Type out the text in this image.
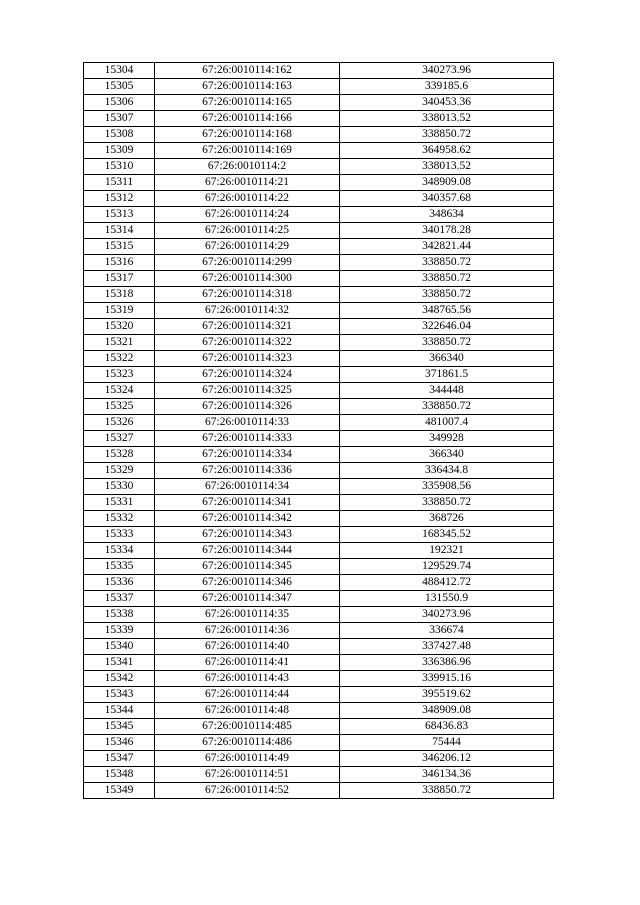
15304	67:26:0010114:162	340273.96
15305	67:26:0010114:163	339185.6
15306	67:26:0010114:165	340453.36
15307	67:26:0010114:166	338013.52
15308	67:26:0010114:168	338850.72
15309	67:26:0010114:169	364958.62
15310	67:26:0010114:2	338013.52
15311	67:26:0010114:21	348909.08
15312	67:26:0010114:22	340357.68
15313	67:26:0010114:24	348634
15314	67:26:0010114:25	340178.28
15315	67:26:0010114:29	342821.44
15316	67:26:0010114:299	338850.72
15317	67:26:0010114:300	338850.72
15318	67:26:0010114:318	338850.72
15319	67:26:0010114:32	348765.56
15320	67:26:0010114:321	322646.04
15321	67:26:0010114:322	338850.72
15322	67:26:0010114:323	366340
15323	67:26:0010114:324	371861.5
15324	67:26:0010114:325	344448
15325	67:26:0010114:326	338850.72
15326	67:26:0010114:33	481007.4
15327	67:26:0010114:333	349928
15328	67:26:0010114:334	366340
15329	67:26:0010114:336	336434.8
15330	67:26:0010114:34	335908.56
15331	67:26:0010114:341	338850.72
15332	67:26:0010114:342	368726
15333	67:26:0010114:343	168345.52
15334	67:26:0010114:344	192321
15335	67:26:0010114:345	129529.74
15336	67:26:0010114:346	488412.72
15337	67:26:0010114:347	131550.9
15338	67:26:0010114:35	340273.96
15339	67:26:0010114:36	336674
15340	67:26:0010114:40	337427.48
15341	67:26:0010114:41	336386.96
15342	67:26:0010114:43	339915.16
15343	67:26:0010114:44	395519.62
15344	67:26:0010114:48	348909.08
15345	67:26:0010114:485	68436.83
15346	67:26:0010114:486	75444
15347	67:26:0010114:49	346206.12
15348	67:26:0010114:51	346134.36
15349	67:26:0010114:52	338850.72
